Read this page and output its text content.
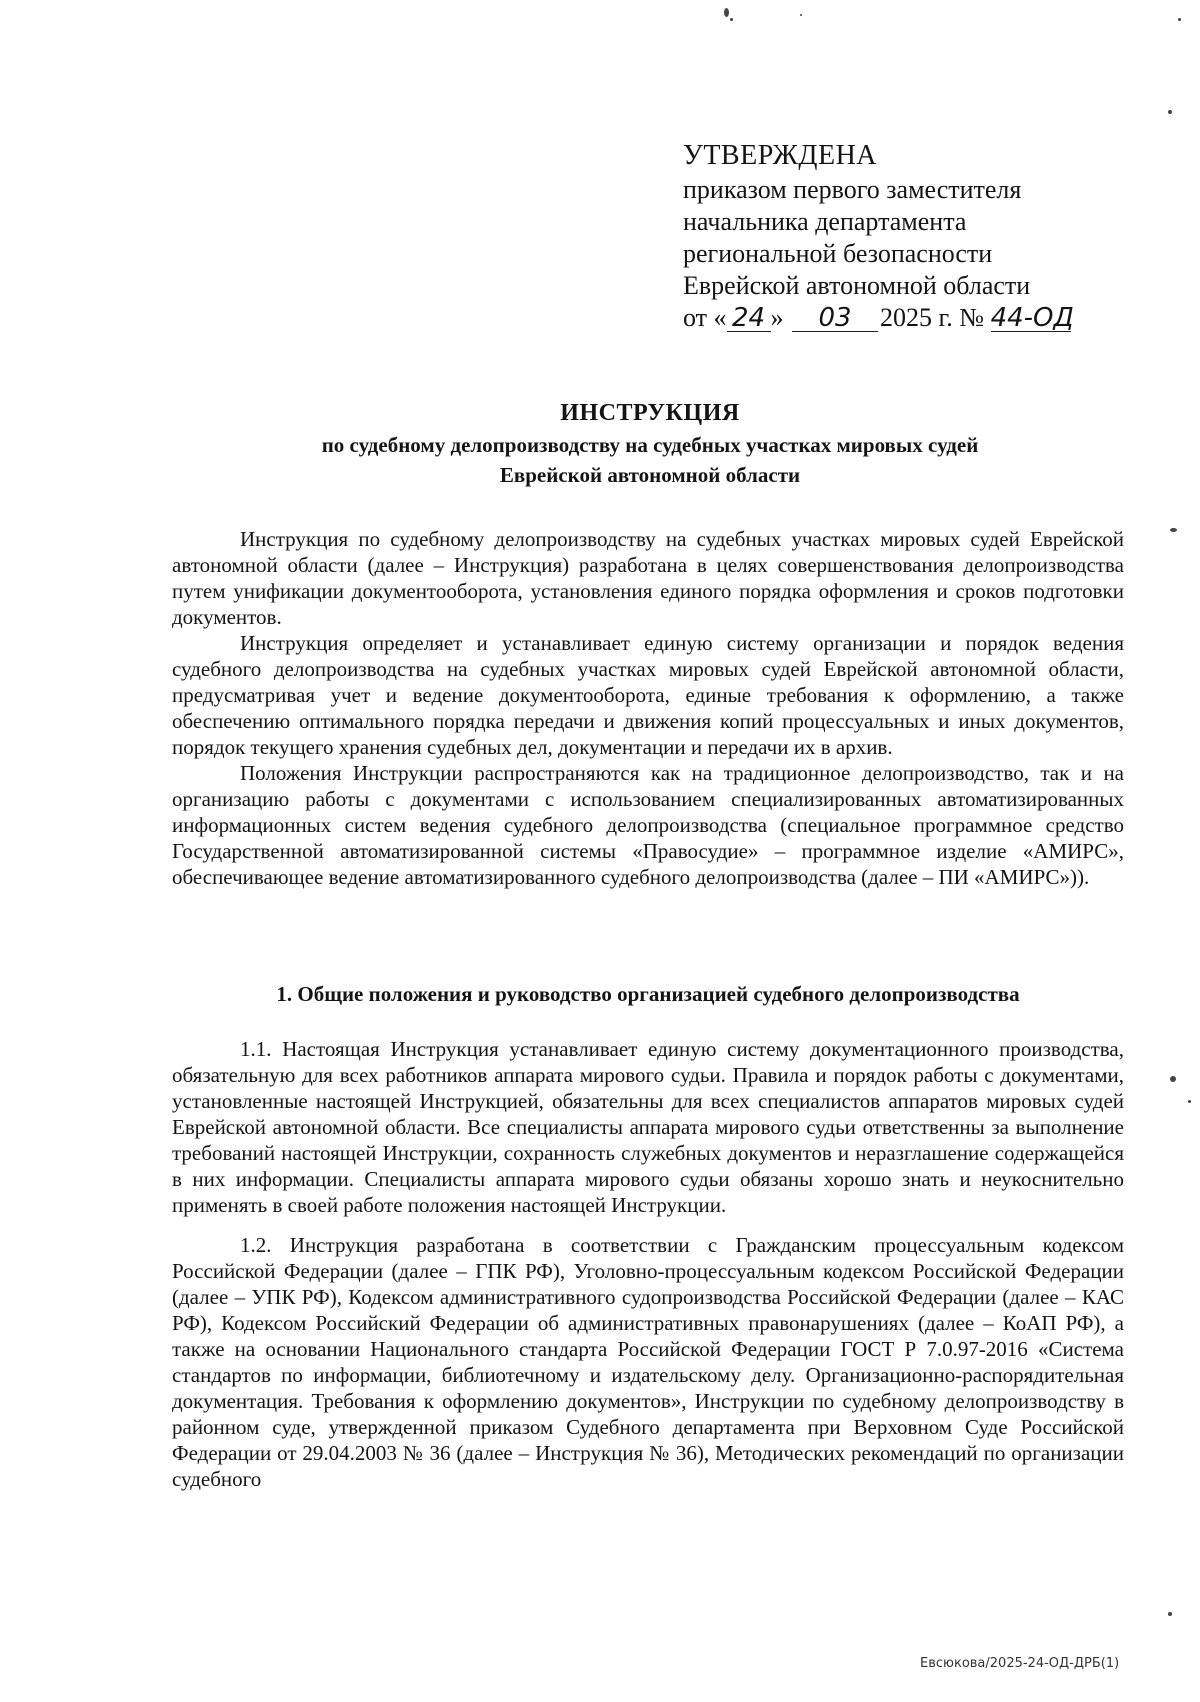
УТВЕРЖДЕНА
приказом первого заместителя
начальника департамента
региональной безопасности
Еврейской автономной области
от « 24 » 03 2025 г. № 44-ОД
ИНСТРУКЦИЯ
по судебному делопроизводству на судебных участках мировых судей
Еврейской автономной области

Инструкция по судебному делопроизводству на судебных участках мировых судей Еврейской автономной области (далее – Инструкция) разработана в целях совершенствования делопроизводства путем унификации документооборота, установления единого порядка оформления и сроков подготовки документов.

Инструкция определяет и устанавливает единую систему организации и порядок ведения судебного делопроизводства на судебных участках мировых судей Еврейской автономной области, предусматривая учет и ведение документооборота, единые требования к оформлению, а также обеспечению оптимального порядка передачи и движения копий процессуальных и иных документов, порядок текущего хранения судебных дел, документации и передачи их в архив.

Положения Инструкции распространяются как на традиционное делопроизводство, так и на организацию работы с документами с использованием специализированных автоматизированных информационных систем ведения судебного делопроизводства (специальное программное средство Государственной автоматизированной системы «Правосудие» – программное изделие «АМИРС», обеспечивающее ведение автоматизированного судебного делопроизводства (далее – ПИ «АМИРС»)).

1. Общие положения и руководство организацией судебного делопроизводства

1.1. Настоящая Инструкция устанавливает единую систему документационного производства, обязательную для всех работников аппарата мирового судьи. Правила и порядок работы с документами, установленные настоящей Инструкцией, обязательны для всех специалистов аппаратов мировых судей Еврейской автономной области. Все специалисты аппарата мирового судьи ответственны за выполнение требований настоящей Инструкции, сохранность служебных документов и неразглашение содержащейся в них информации. Специалисты аппарата мирового судьи обязаны хорошо знать и неукоснительно применять в своей работе положения настоящей Инструкции.

1.2. Инструкция разработана в соответствии с Гражданским процессуальным кодексом Российской Федерации (далее – ГПК РФ), Уголовно-процессуальным кодексом Российской Федерации (далее – УПК РФ), Кодексом административного судопроизводства Российской Федерации (далее – КАС РФ), Кодексом Российский Федерации об административных правонарушениях (далее – КоАП РФ), а также на основании Национального стандарта Российской Федерации ГОСТ Р 7.0.97-2016 «Система стандартов по информации, библиотечному и издательскому делу. Организационно-распорядительная документация. Требования к оформлению документов», Инструкции по судебному делопроизводству в районном суде, утвержденной приказом Судебного департамента при Верховном Суде Российской Федерации от 29.04.2003 № 36 (далее – Инструкция № 36), Методических рекомендаций по организации судебного

Евсюкова/2025-24-ОД-ДРБ(1)
